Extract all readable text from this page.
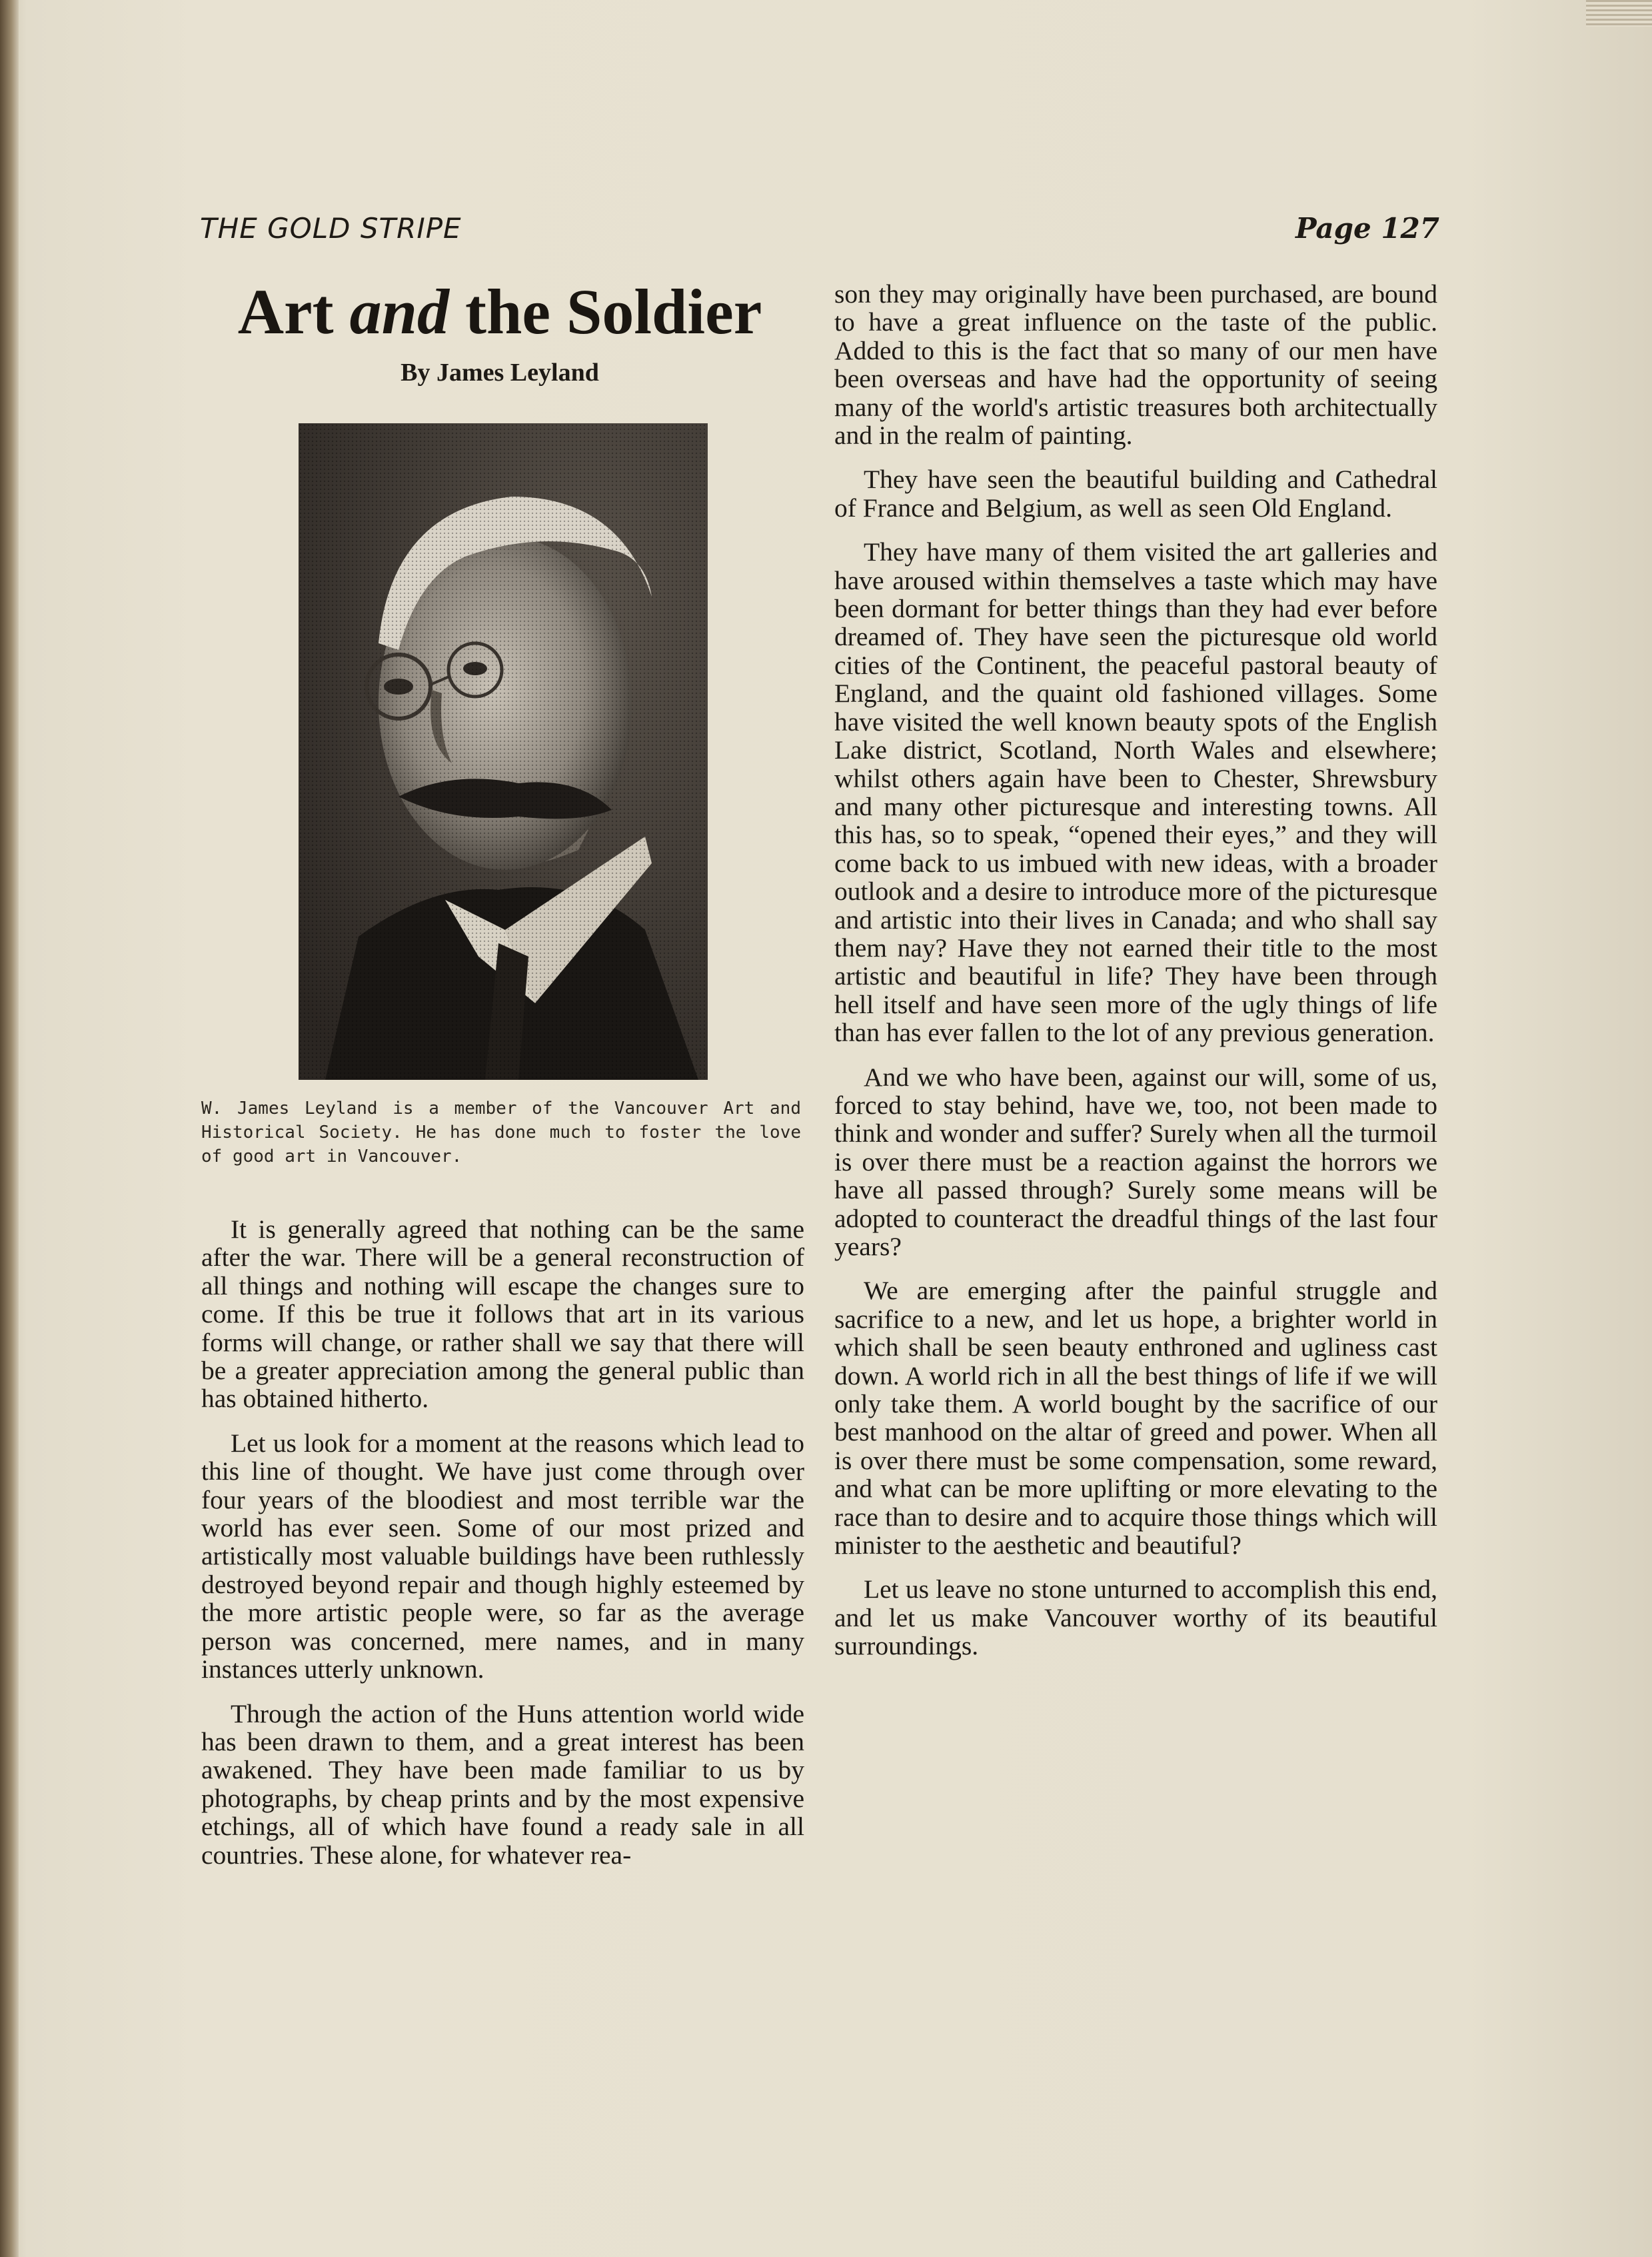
THE GOLD STRIPE	Page 127
Art and the Soldier
By James Leyland
W. James Leyland is a member of the Vancouver Art and Historical Society. He has done much to foster the love of good art in Vancouver.

It is generally agreed that nothing can be the same after the war. There will be a general reconstruction of all things and nothing will escape the changes sure to come. If this be true it follows that art in its various forms will change, or rather shall we say that there will be a greater appreciation among the general public than has obtained hitherto.

Let us look for a moment at the reasons which lead to this line of thought. We have just come through over four years of the bloodiest and most terrible war the world has ever seen. Some of our most prized and artistically most valuable buildings have been ruthlessly destroyed beyond repair and though highly esteemed by the more artistic people were, so far as the average person was concerned, mere names, and in many instances utterly unknown.

Through the action of the Huns attention world wide has been drawn to them, and a great interest has been awakened. They have been made familiar to us by photographs, by cheap prints and by the most expensive etchings, all of which have found a ready sale in all countries. These alone, for whatever rea-

son they may originally have been purchased, are bound to have a great influence on the taste of the public. Added to this is the fact that so many of our men have been overseas and have had the opportunity of seeing many of the world's artistic treasures both architectually and in the realm of painting.

They have seen the beautiful building and Cathedral of France and Belgium, as well as seen Old England.

They have many of them visited the art galleries and have aroused within themselves a taste which may have been dormant for better things than they had ever before dreamed of. They have seen the picturesque old world cities of the Continent, the peaceful pastoral beauty of England, and the quaint old fashioned villages. Some have visited the well known beauty spots of the English Lake district, Scotland, North Wales and elsewhere; whilst others again have been to Chester, Shrewsbury and many other picturesque and interesting towns. All this has, so to speak, “opened their eyes,” and they will come back to us imbued with new ideas, with a broader outlook and a desire to introduce more of the picturesque and artistic into their lives in Canada; and who shall say them nay? Have they not earned their title to the most artistic and beautiful in life? They have been through hell itself and have seen more of the ugly things of life than has ever fallen to the lot of any previous generation.

And we who have been, against our will, some of us, forced to stay behind, have we, too, not been made to think and wonder and suffer? Surely when all the turmoil is over there must be a reaction against the horrors we have all passed through? Surely some means will be adopted to counteract the dreadful things of the last four years?

We are emerging after the painful struggle and sacrifice to a new, and let us hope, a brighter world in which shall be seen beauty enthroned and ugliness cast down. A world rich in all the best things of life if we will only take them. A world bought by the sacrifice of our best manhood on the altar of greed and power. When all is over there must be some compensation, some reward, and what can be more uplifting or more elevating to the race than to desire and to acquire those things which will minister to the aesthetic and beautiful?

Let us leave no stone unturned to accomplish this end, and let us make Vancouver worthy of its beautiful surroundings.
